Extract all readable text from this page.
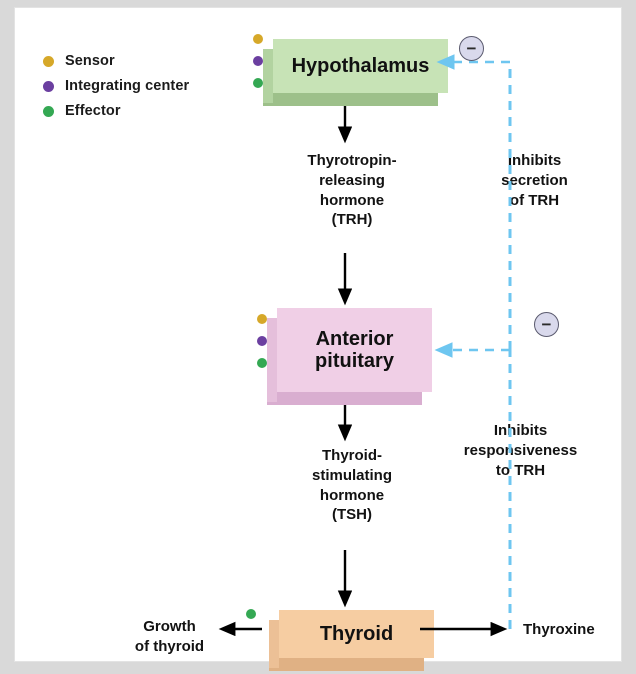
Sensor
Integrating center
Effector
Hypothalamus
Thyrotropin-
releasing
hormone
(TRH)
Anterior
pituitary
Thyroid-
stimulating
hormone
(TSH)
Thyroid
Inhibits
secretion
of TRH
Inhibits
responsiveness
to TRH
Growth
of thyroid
Thyroxine
−
−
